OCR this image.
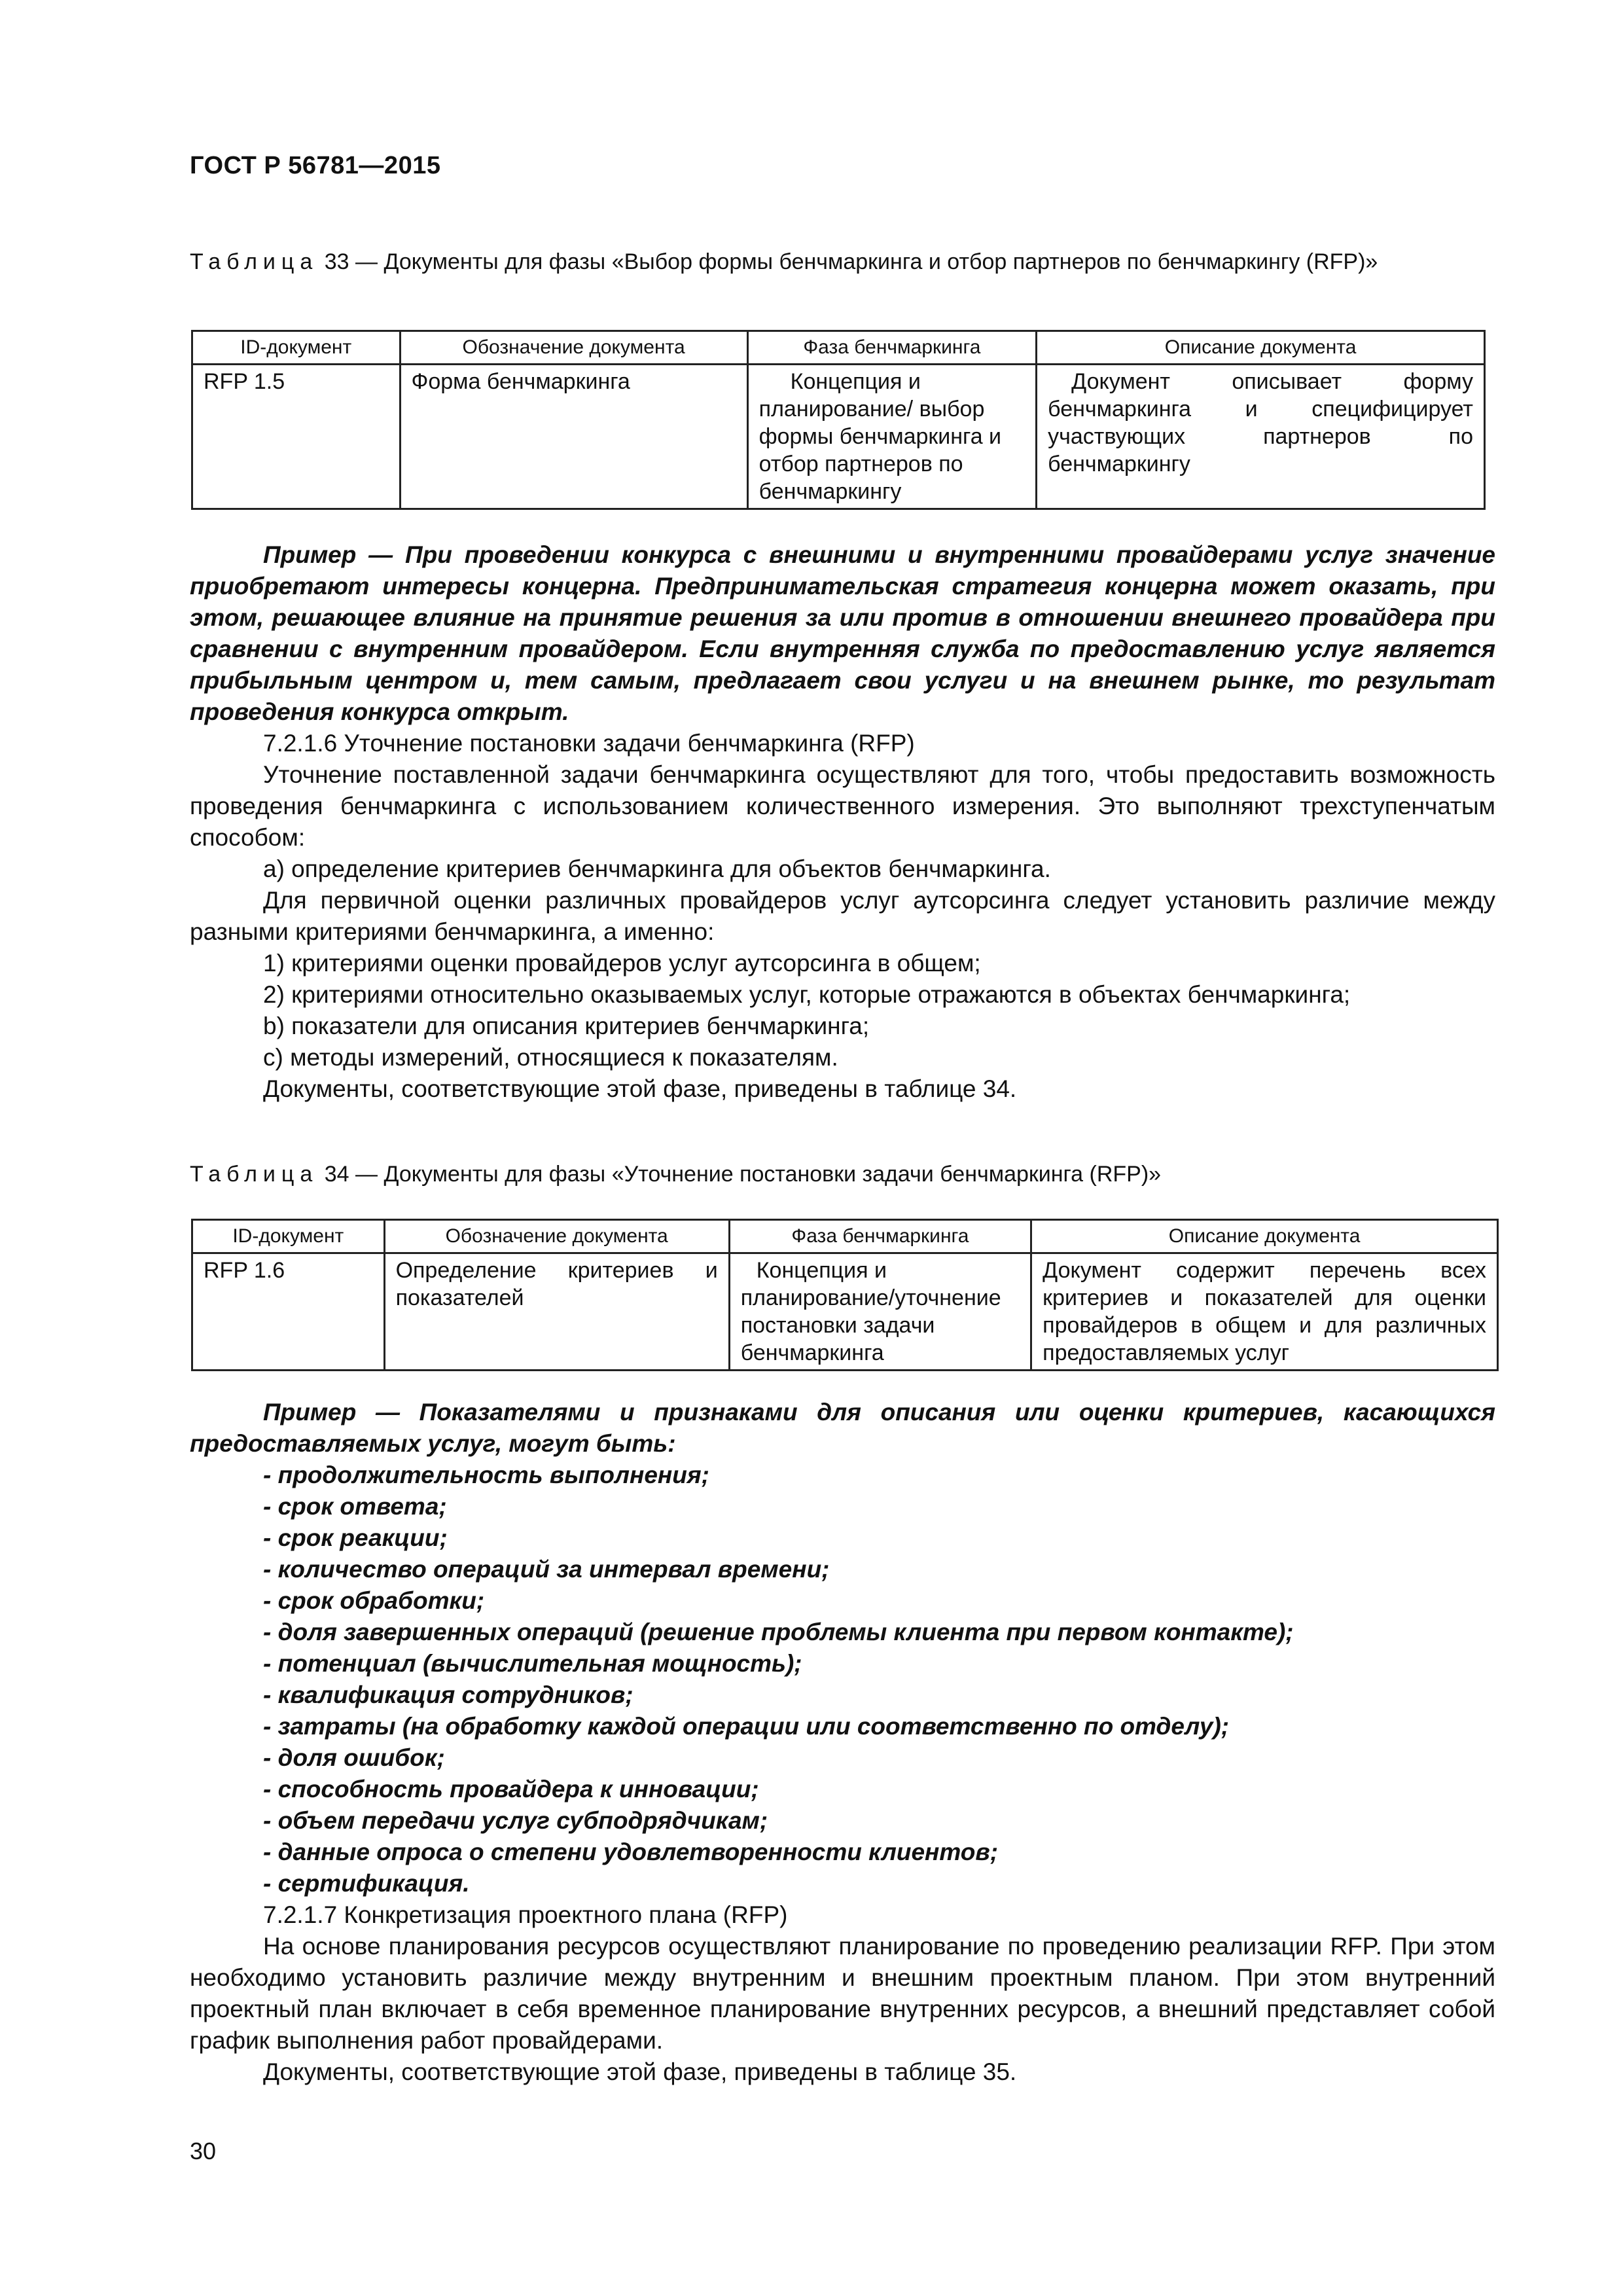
ГОСТ Р 56781—2015
Таблица 33 — Документы для фазы «Выбор формы бенчмаркинга и отбор партнеров по бенчмаркингу (RFP)»
ID-документ	Обозначение документа	Фаза бенчмаркинга	Описание документа
RFP 1.5	Форма бенчмаркинга	Концепция и планирование/ выбор формы бенчмаркинга и отбор партнеров по бенчмаркингу	Документ описывает форму бенчмаркинга и специфицирует участвующих партнеров по бенчмаркингу

Пример — При проведении конкурса с внешними и внутренними провайдерами услуг значение приобретают интересы концерна. Предпринимательская стратегия концерна может оказать, при этом, решающее влияние на принятие решения за или против в отношении внешнего провайдера при сравнении с внутренним провайдером. Если внутренняя служба по предоставлению услуг является прибыльным центром и, тем самым, предлагает свои услуги и на внешнем рынке, то результат проведения конкурса открыт.

7.2.1.6 Уточнение постановки задачи бенчмаркинга (RFP)

Уточнение поставленной задачи бенчмаркинга осуществляют для того, чтобы предоставить возможность проведения бенчмаркинга с использованием количественного измерения. Это выполняют трехступенчатым способом:

а) определение критериев бенчмаркинга для объектов бенчмаркинга.

Для первичной оценки различных провайдеров услуг аутсорсинга следует установить различие между разными критериями бенчмаркинга, а именно:

1) критериями оценки провайдеров услуг аутсорсинга в общем;

2) критериями относительно оказываемых услуг, которые отражаются в объектах бенчмаркинга;

b) показатели для описания критериев бенчмаркинга;

с) методы измерений, относящиеся к показателям.

Документы, соответствующие этой фазе, приведены в таблице 34.

Таблица 34 — Документы для фазы «Уточнение постановки задачи бенчмаркинга (RFP)»
ID-документ	Обозначение документа	Фаза бенчмаркинга	Описание документа
RFP 1.6	Определение критериев и показателей	Концепция и планирование/уточнение постановки задачи бенчмаркинга	Документ содержит перечень всех критериев и показателей для оценки провайдеров в общем и для различных предоставляемых услуг

Пример — Показателями и признаками для описания или оценки критериев, касающихся предоставляемых услуг, могут быть:

- продолжительность выполнения;

- срок ответа;

- срок реакции;

- количество операций за интервал времени;

- срок обработки;

- доля завершенных операций (решение проблемы клиента при первом контакте);

- потенциал (вычислительная мощность);

- квалификация сотрудников;

- затраты (на обработку каждой операции или соответственно по отделу);

- доля ошибок;

- способность провайдера к инновации;

- объем передачи услуг субподрядчикам;

- данные опроса о степени удовлетворенности клиентов;

- сертификация.

7.2.1.7 Конкретизация проектного плана (RFP)

На основе планирования ресурсов осуществляют планирование по проведению реализации RFP. При этом необходимо установить различие между внутренним и внешним проектным планом. При этом внутренний проектный план включает в себя временное планирование внутренних ресурсов, а внешний представляет собой график выполнения работ провайдерами.

Документы, соответствующие этой фазе, приведены в таблице 35.

30
